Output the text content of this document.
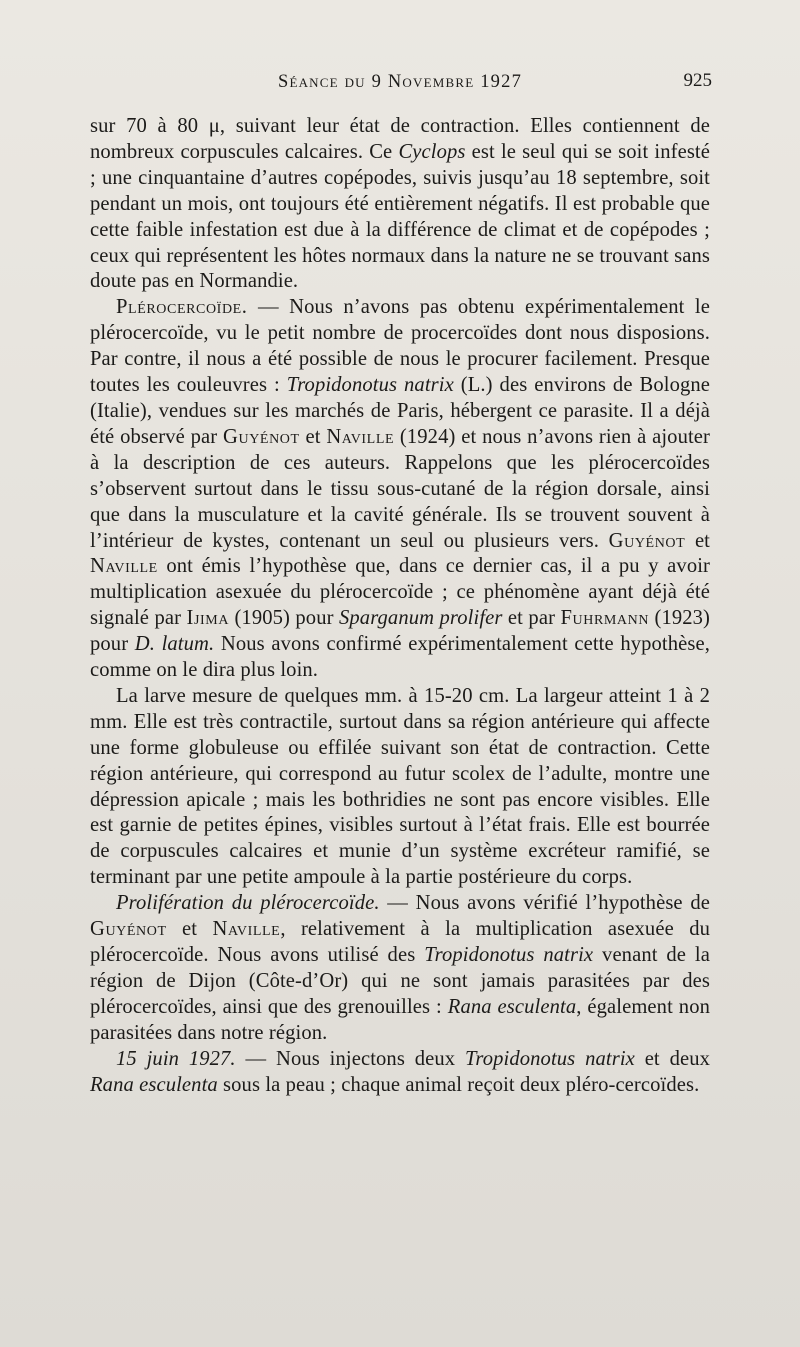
Séance du 9 Novembre 1927	925

sur 70 à 80 μ, suivant leur état de contraction. Elles contiennent de nombreux corpuscules calcaires. Ce Cyclops est le seul qui se soit infesté ; une cinquantaine d’autres copépodes, suivis jusqu’au 18 septembre, soit pendant un mois, ont toujours été entièrement négatifs. Il est probable que cette faible infestation est due à la différence de climat et de copépodes ; ceux qui représentent les hôtes normaux dans la nature ne se trouvant sans doute pas en Normandie.

Plérocercoïde. — Nous n’avons pas obtenu expérimentalement le plérocercoïde, vu le petit nombre de procercoïdes dont nous disposions. Par contre, il nous a été possible de nous le procurer facilement. Presque toutes les couleuvres : Tropidonotus natrix (L.) des environs de Bologne (Italie), vendues sur les marchés de Paris, hébergent ce parasite. Il a déjà été observé par Guyénot et Naville (1924) et nous n’avons rien à ajouter à la description de ces auteurs. Rappelons que les plérocercoïdes s’observent surtout dans le tissu sous-cutané de la région dorsale, ainsi que dans la musculature et la cavité générale. Ils se trouvent souvent à l’intérieur de kystes, contenant un seul ou plusieurs vers. Guyénot et Naville ont émis l’hypothèse que, dans ce dernier cas, il a pu y avoir multiplication asexuée du plérocercoïde ; ce phénomène ayant déjà été signalé par Ijima (1905) pour Sparganum prolifer et par Fuhrmann (1923) pour D. latum. Nous avons confirmé expérimentalement cette hypothèse, comme on le dira plus loin.

La larve mesure de quelques mm. à 15-20 cm. La largeur atteint 1 à 2 mm. Elle est très contractile, surtout dans sa région antérieure qui affecte une forme globuleuse ou effilée suivant son état de contraction. Cette région antérieure, qui correspond au futur scolex de l’adulte, montre une dépression apicale ; mais les bothridies ne sont pas encore visibles. Elle est garnie de petites épines, visibles surtout à l’état frais. Elle est bourrée de corpuscules calcaires et munie d’un système excréteur ramifié, se terminant par une petite ampoule à la partie postérieure du corps.

Prolifération du plérocercoïde. — Nous avons vérifié l’hypothèse de Guyénot et Naville, relativement à la multiplication asexuée du plérocercoïde. Nous avons utilisé des Tropidonotus natrix venant de la région de Dijon (Côte-d’Or) qui ne sont jamais parasitées par des plérocercoïdes, ainsi que des grenouilles : Rana esculenta, également non parasitées dans notre région.

15 juin 1927. — Nous injectons deux Tropidonotus natrix et deux Rana esculenta sous la peau ; chaque animal reçoit deux pléro-cercoïdes.
